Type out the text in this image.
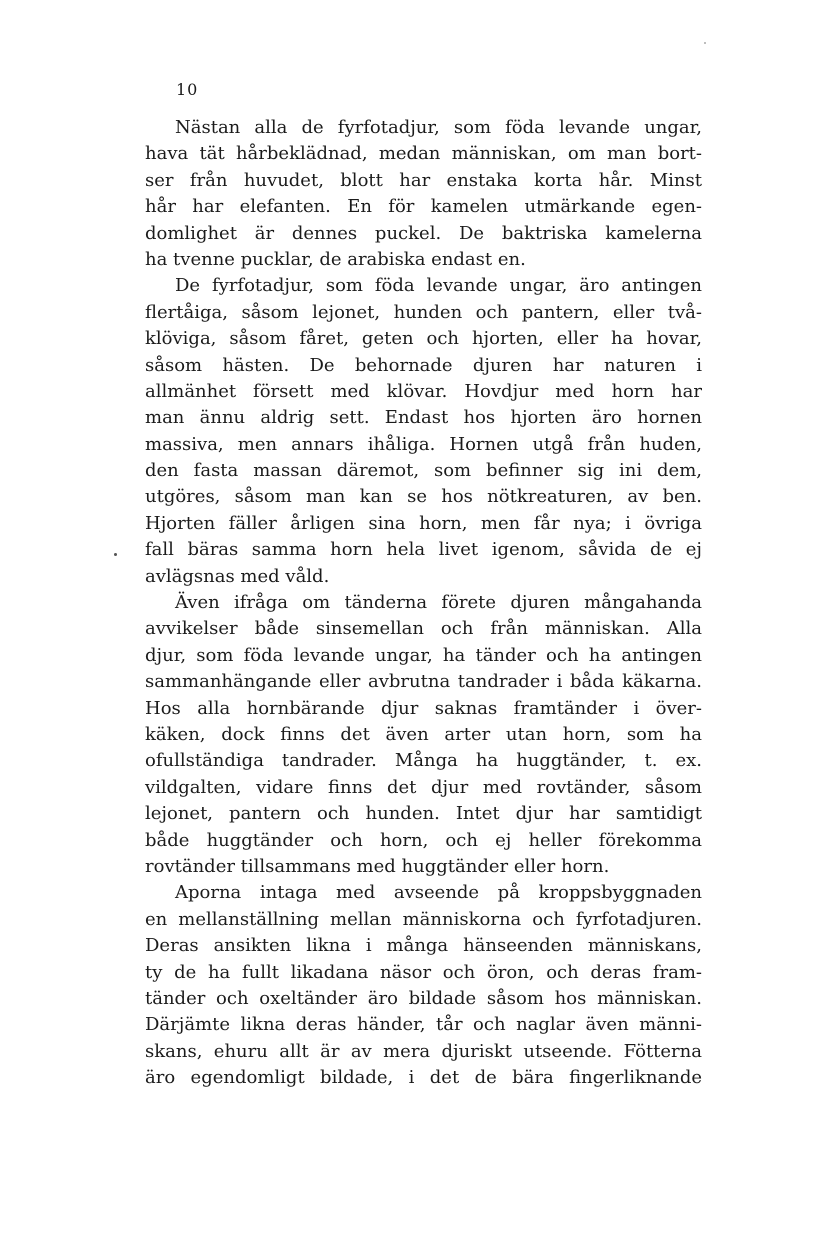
10
Nästan alla de fyrfotadjur, som föda levande ungar,
hava tät hårbeklädnad, medan människan, om man bort-
ser från huvudet, blott har enstaka korta hår. Minst
hår har elefanten. En för kamelen utmärkande egen-
domlighet är dennes puckel. De baktriska kamelerna
ha tvenne pucklar, de arabiska endast en.
De fyrfotadjur, som föda levande ungar, äro antingen
flertåiga, såsom lejonet, hunden och pantern, eller två-
klöviga, såsom fåret, geten och hjorten, eller ha hovar,
såsom hästen. De behornade djuren har naturen i
allmänhet försett med klövar. Hovdjur med horn har
man ännu aldrig sett. Endast hos hjorten äro hornen
massiva, men annars ihåliga. Hornen utgå från huden,
den fasta massan däremot, som befinner sig ini dem,
utgöres, såsom man kan se hos nötkreaturen, av ben.
Hjorten fäller årligen sina horn, men får nya; i övriga
fall bäras samma horn hela livet igenom, såvida de ej
avlägsnas med våld.
Även ifråga om tänderna förete djuren mångahanda
avvikelser både sinsemellan och från människan. Alla
djur, som föda levande ungar, ha tänder och ha antingen
sammanhängande eller avbrutna tandrader i båda käkarna.
Hos alla hornbärande djur saknas framtänder i över-
käken, dock finns det även arter utan horn, som ha
ofullständiga tandrader. Många ha huggtänder, t. ex.
vildgalten, vidare finns det djur med rovtänder, såsom
lejonet, pantern och hunden. Intet djur har samtidigt
både huggtänder och horn, och ej heller förekomma
rovtänder tillsammans med huggtänder eller horn.
Aporna intaga med avseende på kroppsbyggnaden
en mellanställning mellan människorna och fyrfotadjuren.
Deras ansikten likna i många hänseenden människans,
ty de ha fullt likadana näsor och öron, och deras fram-
tänder och oxeltänder äro bildade såsom hos människan.
Därjämte likna deras händer, tår och naglar även männi-
skans, ehuru allt är av mera djuriskt utseende. Fötterna
äro egendomligt bildade, i det de bära fingerliknande
